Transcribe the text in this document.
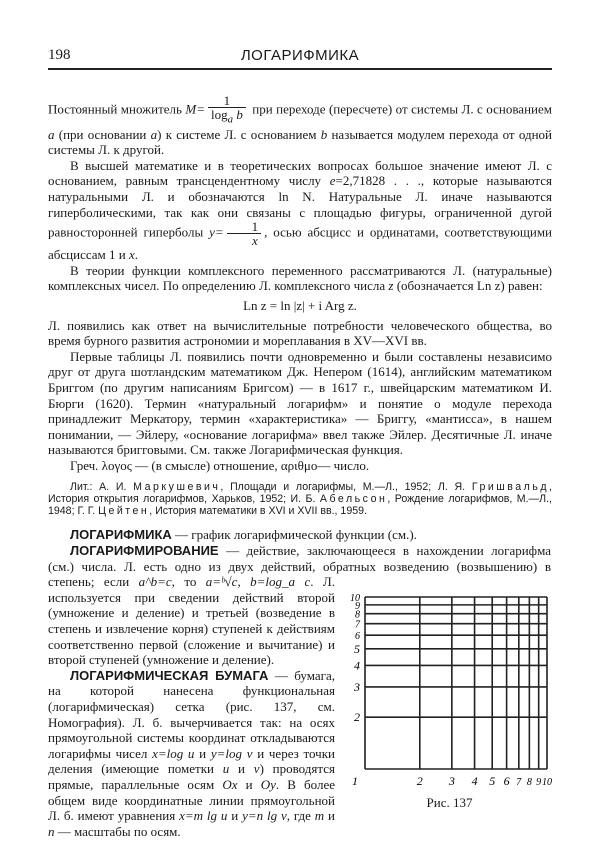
198	ЛОГАРИФМИКА

Постоянный множитель $M= \frac{1}{\log_a b}$ при переходе (пересчете) от системы Л. с основанием a (при основании a) к системе Л. с основанием b называется модулем перехода от одной системы Л. к другой.

В высшей математике и в теоретических вопросах большое значение имеют Л. с основанием, равным трансцендентному числу e=2,71828 . . ., которые называются натуральными Л. и обозначаются ln N. Натуральные Л. иначе называются гиперболическими, так как они связаны с площадью фигуры, ограниченной дугой равносторонней гиперболы $y= \frac{1}{x}$ , осью абсцисс и ординатами, соответствующими абсциссам 1 и x.

В теории функции комплексного переменного рассматриваются Л. (натуральные) комплексных чисел. По определению Л. комплексного числа z (обозначается Ln z) равен:

Ln z = ln |z| + i Arg z.

Л. появились как ответ на вычислительные потребности человеческого общества, во время бурного развития астрономии и мореплавания в XV—XVI вв.

Первые таблицы Л. появились почти одновременно и были составлены независимо друг от друга шотландским математиком Дж. Непером (1614), английским математиком Бриггом (по другим написаниям Бригсом) — в 1617 г., швейцарским математиком И. Бюрги (1620). Термин «натуральный логарифм» и понятие о модуле перехода принадлежит Меркатору, термин «характеристика» — Бриггу, «мантисса», в нашем понимании, — Эйлеру, «основание логарифма» ввел также Эйлер. Десятичные Л. иначе называются бригговыми. См. также Логарифмическая функция.

Греч. λογος — (в смысле) отношение, αριθμο— число.

Лит.: А. И. Маркушевич, Площади и логарифмы, М.—Л., 1952; Л. Я. Гришвальд, История открытия логарифмов, Харьков, 1952; И. Б. Абельсон, Рождение логарифмов, М.—Л., 1948; Г. Г. Цейтен, История математики в XVI и XVII вв., 1959.

ЛОГАРИФМИКА — график логарифмической функции (см.).

1	2 3 4 5 6 7 8 9 10
2
3
4
5
6
7
8
9
10
Рис. 137

ЛОГАРИФМИРОВАНИЕ — действие, заключающееся в нахождении логарифма (см.) числа. Л. есть одно из двух действий, обратных возведению (возвышению) в степень; если a^b=c, то a=ᵇ√c, b=log_a c. Л. используется при сведении действий второй (умножение и деление) и третьей (возведение в степень и извлечение корня) ступеней к действиям соответственно первой (сложение и вычитание) и второй ступеней (умножение и деление).

ЛОГАРИФМИЧЕСКАЯ БУМАГА — бумага, на которой нанесена функциональная (логарифмическая) сетка (рис. 137, см. Номография). Л. б. вычерчивается так: на осях прямоугольной системы координат откладываются логарифмы чисел x=log u и y=log v и через точки деления (имеющие пометки u и v) проводятся прямые, параллельные осям Ox и Oy. В более общем виде координатные линии прямоугольной Л. б. имеют уравнения x=m lg u и y=n lg v, где m и n — масштабы по осям.
